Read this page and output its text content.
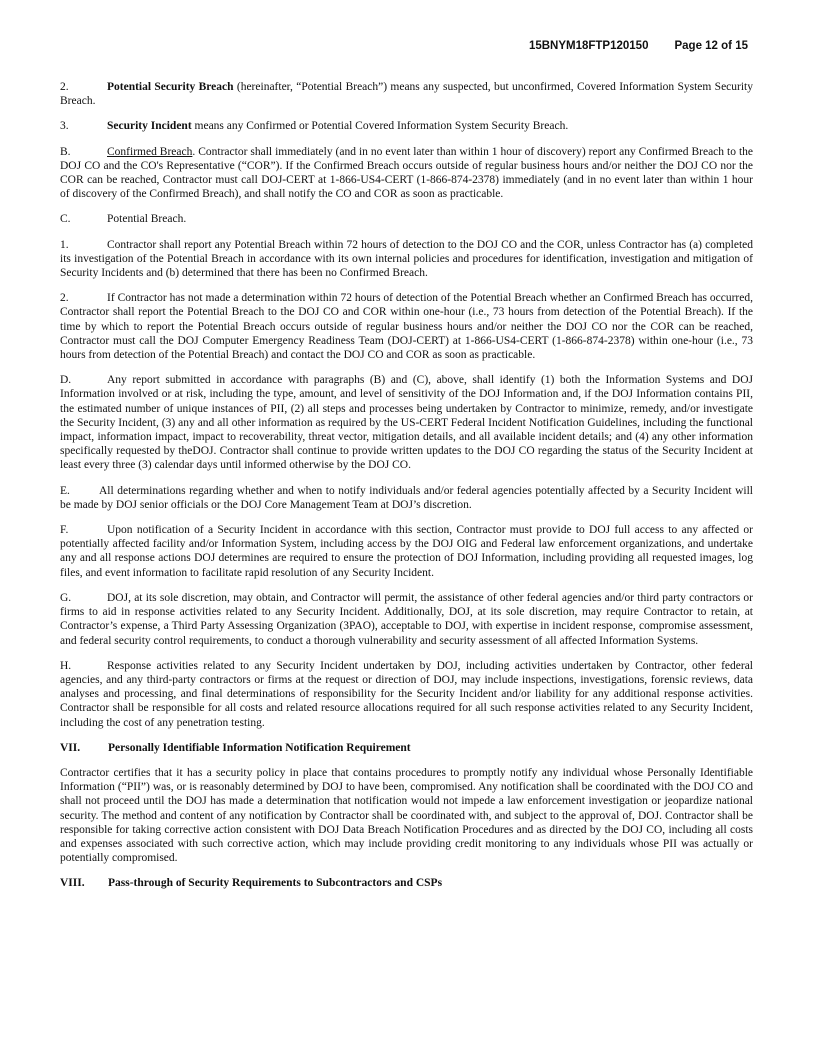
15BNYM18FTP120150 Page 12 of 15

2.	Potential Security Breach (hereinafter, “Potential Breach”) means any suspected, but unconfirmed, Covered Information System Security Breach.

3.	Security Incident means any Confirmed or Potential Covered Information System Security Breach.

B.	Confirmed Breach. Contractor shall immediately (and in no event later than within 1 hour of discovery) report any Confirmed Breach to the DOJ CO and the CO's Representative (“COR”). If the Confirmed Breach occurs outside of regular business hours and/or neither the DOJ CO nor the COR can be reached, Contractor must call DOJ-CERT at 1-866-US4-CERT (1-866-874-2378) immediately (and in no event later than within 1 hour of discovery of the Confirmed Breach), and shall notify the CO and COR as soon as practicable.

C.	Potential Breach.

1.	Contractor shall report any Potential Breach within 72 hours of detection to the DOJ CO and the COR, unless Contractor has (a) completed its investigation of the Potential Breach in accordance with its own internal policies and procedures for identification, investigation and mitigation of Security Incidents and (b) determined that there has been no Confirmed Breach.

2.	If Contractor has not made a determination within 72 hours of detection of the Potential Breach whether an Confirmed Breach has occurred, Contractor shall report the Potential Breach to the DOJ CO and COR within one-hour (i.e., 73 hours from detection of the Potential Breach). If the time by which to report the Potential Breach occurs outside of regular business hours and/or neither the DOJ CO nor the COR can be reached, Contractor must call the DOJ Computer Emergency Readiness Team (DOJ-CERT) at 1-866-US4-CERT (1-866-874-2378) within one-hour (i.e., 73 hours from detection of the Potential Breach) and contact the DOJ CO and COR as soon as practicable.

D.	Any report submitted in accordance with paragraphs (B) and (C), above, shall identify (1) both the Information Systems and DOJ Information involved or at risk, including the type, amount, and level of sensitivity of the DOJ Information and, if the DOJ Information contains PII, the estimated number of unique instances of PII, (2) all steps and processes being undertaken by Contractor to minimize, remedy, and/or investigate the Security Incident, (3) any and all other information as required by the US-CERT Federal Incident Notification Guidelines, including the functional impact, information impact, impact to recoverability, threat vector, mitigation details, and all available incident details; and (4) any other information specifically requested by theDOJ. Contractor shall continue to provide written updates to the DOJ CO regarding the status of the Security Incident at least every three (3) calendar days until informed otherwise by the DOJ CO.

E.	All determinations regarding whether and when to notify individuals and/or federal agencies potentially affected by a Security Incident will be made by DOJ senior officials or the DOJ Core Management Team at DOJ’s discretion.

F.	Upon notification of a Security Incident in accordance with this section, Contractor must provide to DOJ full access to any affected or potentially affected facility and/or Information System, including access by the DOJ OIG and Federal law enforcement organizations, and undertake any and all response actions DOJ determines are required to ensure the protection of DOJ Information, including providing all requested images, log files, and event information to facilitate rapid resolution of any Security Incident.

G.	DOJ, at its sole discretion, may obtain, and Contractor will permit, the assistance of other federal agencies and/or third party contractors or firms to aid in response activities related to any Security Incident. Additionally, DOJ, at its sole discretion, may require Contractor to retain, at Contractor’s expense, a Third Party Assessing Organization (3PAO), acceptable to DOJ, with expertise in incident response, compromise assessment, and federal security control requirements, to conduct a thorough vulnerability and security assessment of all affected Information Systems.

H.	Response activities related to any Security Incident undertaken by DOJ, including activities undertaken by Contractor, other federal agencies, and any third-party contractors or firms at the request or direction of DOJ, may include inspections, investigations, forensic reviews, data analyses and processing, and final determinations of responsibility for the Security Incident and/or liability for any additional response activities. Contractor shall be responsible for all costs and related resource allocations required for all such response activities related to any Security Incident, including the cost of any penetration testing.

VII. Personally Identifiable Information Notification Requirement

Contractor certifies that it has a security policy in place that contains procedures to promptly notify any individual whose Personally Identifiable Information (“PII”) was, or is reasonably determined by DOJ to have been, compromised. Any notification shall be coordinated with the DOJ CO and shall not proceed until the DOJ has made a determination that notification would not impede a law enforcement investigation or jeopardize national security. The method and content of any notification by Contractor shall be coordinated with, and subject to the approval of, DOJ. Contractor shall be responsible for taking corrective action consistent with DOJ Data Breach Notification Procedures and as directed by the DOJ CO, including all costs and expenses associated with such corrective action, which may include providing credit monitoring to any individuals whose PII was actually or potentially compromised.

VIII. Pass-through of Security Requirements to Subcontractors and CSPs
